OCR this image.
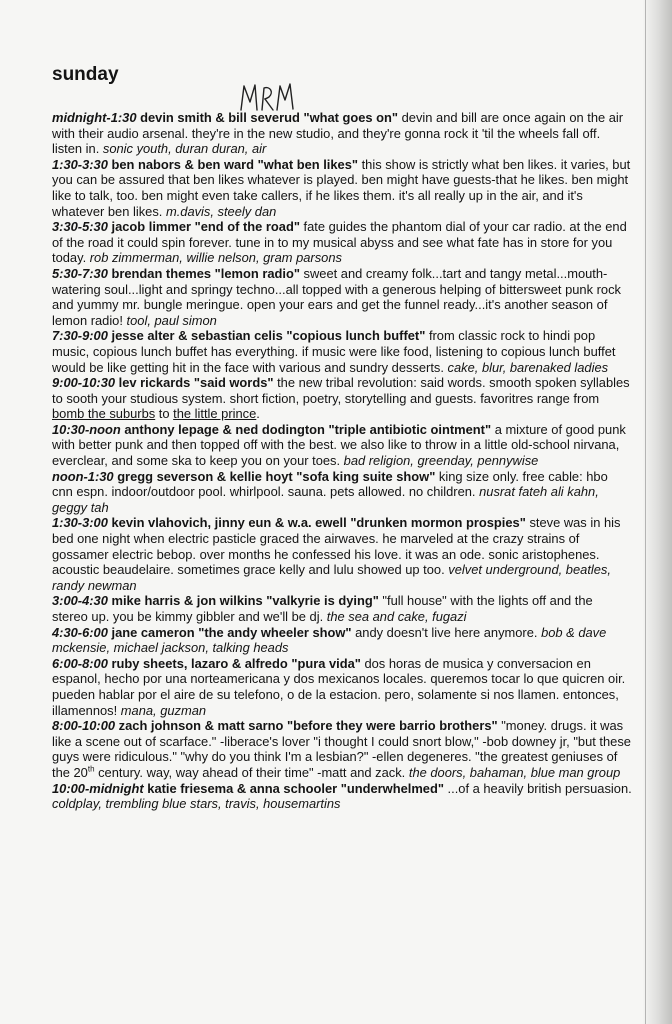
sunday

midnight-1:30 devin smith & bill severud "what goes on" devin and bill are once again on the air with their audio arsenal. they're in the new studio, and they're gonna rock it 'til the wheels fall off. listen in. sonic youth, duran duran, air

1:30-3:30 ben nabors & ben ward "what ben likes" this show is strictly what ben likes. it varies, but you can be assured that ben likes whatever is played. ben might have guests-that he likes. ben might like to talk, too. ben might even take callers, if he likes them. it's all really up in the air, and it's whatever ben likes. m.davis, steely dan

3:30-5:30 jacob limmer "end of the road" fate guides the phantom dial of your car radio. at the end of the road it could spin forever. tune in to my musical abyss and see what fate has in store for you today. rob zimmerman, willie nelson, gram parsons

5:30-7:30 brendan themes "lemon radio" sweet and creamy folk...tart and tangy metal...mouth-watering soul...light and springy techno...all topped with a generous helping of bittersweet punk rock and yummy mr. bungle meringue. open your ears and get the funnel ready...it's another season of lemon radio! tool, paul simon

7:30-9:00 jesse alter & sebastian celis "copious lunch buffet" from classic rock to hindi pop music, copious lunch buffet has everything. if music were like food, listening to copious lunch buffet would be like getting hit in the face with various and sundry desserts. cake, blur, barenaked ladies

9:00-10:30 lev rickards "said words" the new tribal revolution: said words. smooth spoken syllables to sooth your studious system. short fiction, poetry, storytelling and guests. favoritres range from bomb the suburbs to the little prince.

10:30-noon anthony lepage & ned dodington "triple antibiotic ointment" a mixture of good punk with better punk and then topped off with the best. we also like to throw in a little old-school nirvana, everclear, and some ska to keep you on your toes. bad religion, greenday, pennywise

noon-1:30 gregg severson & kellie hoyt "sofa king suite show" king size only. free cable: hbo cnn espn. indoor/outdoor pool. whirlpool. sauna. pets allowed. no children. nusrat fateh ali kahn, geggy tah

1:30-3:00 kevin vlahovich, jinny eun & w.a. ewell "drunken mormon prospies" steve was in his bed one night when electric pasticle graced the airwaves. he marveled at the crazy strains of gossamer electric bebop. over months he confessed his love. it was an ode. sonic aristophenes. acoustic beaudelaire. sometimes grace kelly and lulu showed up too. velvet underground, beatles, randy newman

3:00-4:30 mike harris & jon wilkins "valkyrie is dying" "full house" with the lights off and the stereo up. you be kimmy gibbler and we'll be dj. the sea and cake, fugazi

4:30-6:00 jane cameron "the andy wheeler show" andy doesn't live here anymore. bob & dave mckensie, michael jackson, talking heads

6:00-8:00 ruby sheets, lazaro & alfredo "pura vida" dos horas de musica y conversacion en espanol, hecho por una norteamericana y dos mexicanos locales. queremos tocar lo que quicren oir. pueden hablar por el aire de su telefono, o de la estacion. pero, solamente si nos llamen. entonces, illamennos! mana, guzman

8:00-10:00 zach johnson & matt sarno "before they were barrio brothers" "money. drugs. it was like a scene out of scarface." -liberace's lover "i thought I could snort blow," -bob downey jr, "but these guys were ridiculous." "why do you think I'm a lesbian?" -ellen degeneres. "the greatest geniuses of the 20th century. way, way ahead of their time" -matt and zack. the doors, bahaman, blue man group

10:00-midnight katie friesema & anna schooler "underwhelmed" ...of a heavily british persuasion. coldplay, trembling blue stars, travis, housemartins
